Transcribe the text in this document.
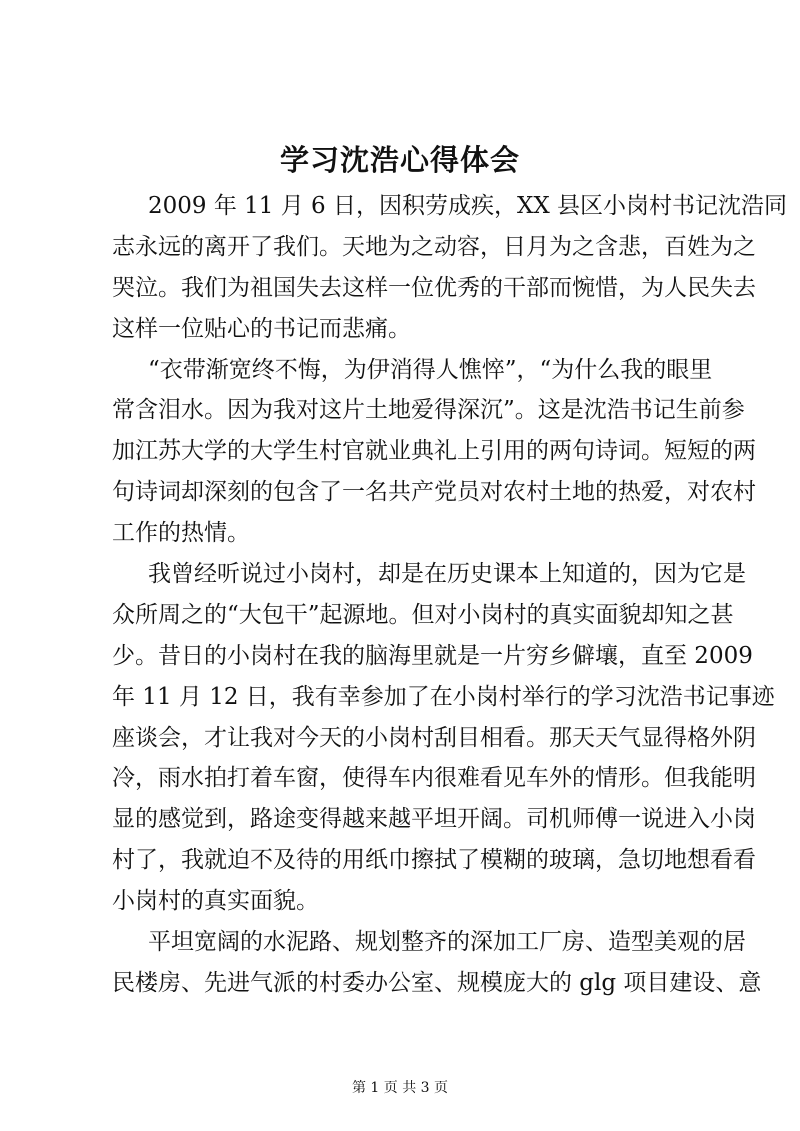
学习沈浩心得体会
2009 年 11 月 6 日，因积劳成疾，XX 县区小岗村书记沈浩同
志永远的离开了我们。天地为之动容，日月为之含悲，百姓为之
哭泣。我们为祖国失去这样一位优秀的干部而惋惜，为人民失去
这样一位贴心的书记而悲痛。
“衣带渐宽终不悔，为伊消得人憔悴”，“为什么我的眼里
常含泪水。因为我对这片土地爱得深沉”。这是沈浩书记生前参
加江苏大学的大学生村官就业典礼上引用的两句诗词。短短的两
句诗词却深刻的包含了一名共产党员对农村土地的热爱，对农村
工作的热情。
我曾经听说过小岗村，却是在历史课本上知道的，因为它是
众所周之的“大包干”起源地。但对小岗村的真实面貌却知之甚
少。昔日的小岗村在我的脑海里就是一片穷乡僻壤，直至 2009
年 11 月 12 日，我有幸参加了在小岗村举行的学习沈浩书记事迹
座谈会，才让我对今天的小岗村刮目相看。那天天气显得格外阴
冷，雨水拍打着车窗，使得车内很难看见车外的情形。但我能明
显的感觉到，路途变得越来越平坦开阔。司机师傅一说进入小岗
村了，我就迫不及待的用纸巾擦拭了模糊的玻璃，急切地想看看
小岗村的真实面貌。
平坦宽阔的水泥路、规划整齐的深加工厂房、造型美观的居
民楼房、先进气派的村委办公室、规模庞大的 glg 项目建设、意
第 1 页 共 3 页
